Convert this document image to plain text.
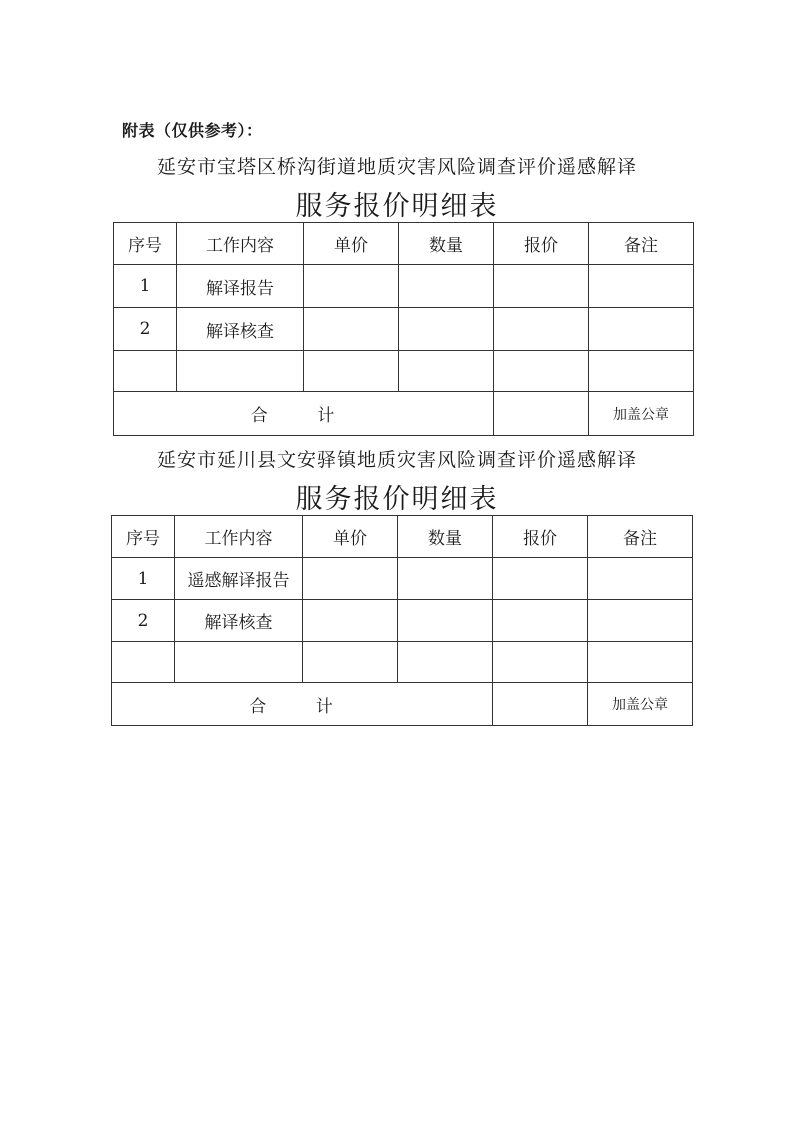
附表（仅供参考）：
延安市宝塔区桥沟街道地质灾害风险调查评价遥感解译
服务报价明细表
序号	工作内容	单价	数量	报价	备注
1	解译报告				
2	解译核查				

合 计					加盖公章
延安市延川县文安驿镇地质灾害风险调查评价遥感解译
服务报价明细表
序号	工作内容	单价	数量	报价	备注
1	遥感解译报告				
2	解译核查				

合 计					加盖公章
